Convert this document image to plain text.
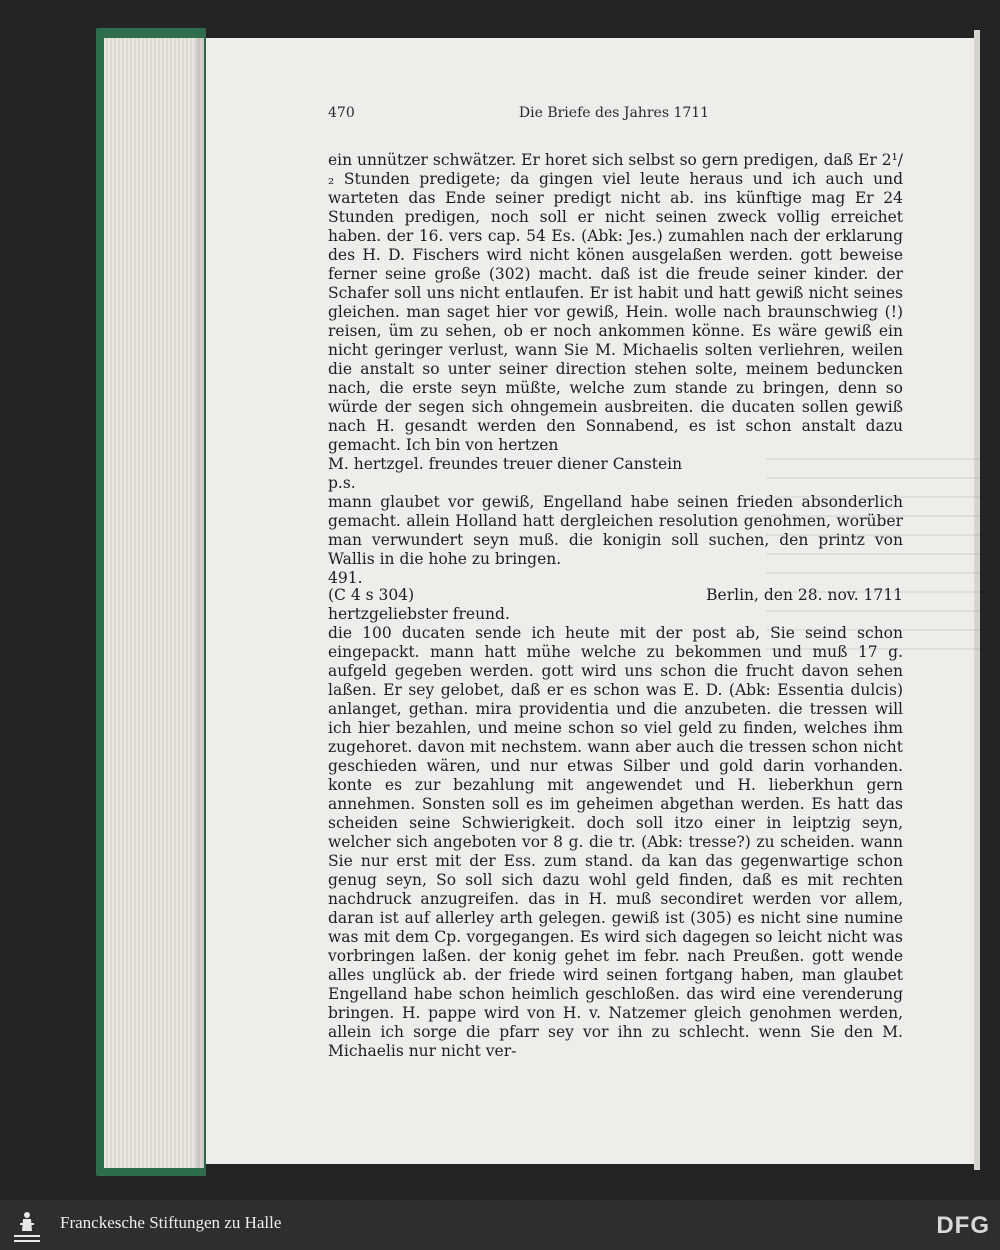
470	Die Briefe des Jahres 1711

ein unnützer schwätzer. Er horet sich selbst so gern predigen, daß Er 2¹/₂ Stunden predigete; da gingen viel leute heraus und ich auch und warteten das Ende seiner predigt nicht ab. ins künftige mag Er 24 Stunden predigen, noch soll er nicht seinen zweck vollig erreichet haben. der 16. vers cap. 54 Es. (Abk: Jes.) zumahlen nach der erklarung des H. D. Fischers wird nicht könen ausgelaßen werden. gott beweise ferner seine große (302) macht. daß ist die freude seiner kinder. der Schafer soll uns nicht entlaufen. Er ist habit und hatt gewiß nicht seines gleichen. man saget hier vor gewiß, Hein. wolle nach braunschwieg (!) reisen, üm zu sehen, ob er noch ankommen könne. Es wäre gewiß ein nicht geringer verlust, wann Sie M. Michaelis solten verliehren, weilen die anstalt so unter seiner direction stehen solte, meinem beduncken nach, die erste seyn müßte, welche zum stande zu bringen, denn so würde der segen sich ohngemein ausbreiten. die ducaten sollen gewiß nach H. gesandt werden den Sonnabend, es ist schon anstalt dazu gemacht. Ich bin von hertzen

M. hertzgel. freundes treuer diener Canstein

p.s.

mann glaubet vor gewiß, Engelland habe seinen frieden absonderlich gemacht. allein Holland hatt dergleichen resolution genohmen, worüber man verwundert seyn muß. die konigin soll suchen, den printz von Wallis in die hohe zu bringen.

491.

(C 4 s 304)	Berlin, den 28. nov. 1711

hertzgeliebster freund.

die 100 ducaten sende ich heute mit der post ab, Sie seind schon eingepackt. mann hatt mühe welche zu bekommen und muß 17 g. aufgeld gegeben werden. gott wird uns schon die frucht davon sehen laßen. Er sey gelobet, daß er es schon was E. D. (Abk: Essentia dulcis) anlanget, gethan. mira providentia und die anzubeten. die tressen will ich hier bezahlen, und meine schon so viel geld zu finden, welches ihm zugehoret. davon mit nechstem. wann aber auch die tressen schon nicht geschieden wären, und nur etwas Silber und gold darin vorhanden. konte es zur bezahlung mit angewendet und H. lieberkhun gern annehmen. Sonsten soll es im geheimen abgethan werden. Es hatt das scheiden seine Schwierigkeit. doch soll itzo einer in leiptzig seyn, welcher sich angeboten vor 8 g. die tr. (Abk: tresse?) zu scheiden. wann Sie nur erst mit der Ess. zum stand. da kan das gegenwartige schon genug seyn, So soll sich dazu wohl geld finden, daß es mit rechten nachdruck anzugreifen. das in H. muß secondiret werden vor allem, daran ist auf allerley arth gelegen. gewiß ist (305) es nicht sine numine was mit dem Cp. vorgegangen. Es wird sich dagegen so leicht nicht was vorbringen laßen. der konig gehet im febr. nach Preußen. gott wende alles unglück ab. der friede wird seinen fortgang haben, man glaubet Engelland habe schon heimlich geschloßen. das wird eine verenderung bringen. H. pappe wird von H. v. Natzemer gleich genohmen werden, allein ich sorge die pfarr sey vor ihn zu schlecht. wenn Sie den M. Michaelis nur nicht ver-

Franckesche Stiftungen zu Halle	DFG
